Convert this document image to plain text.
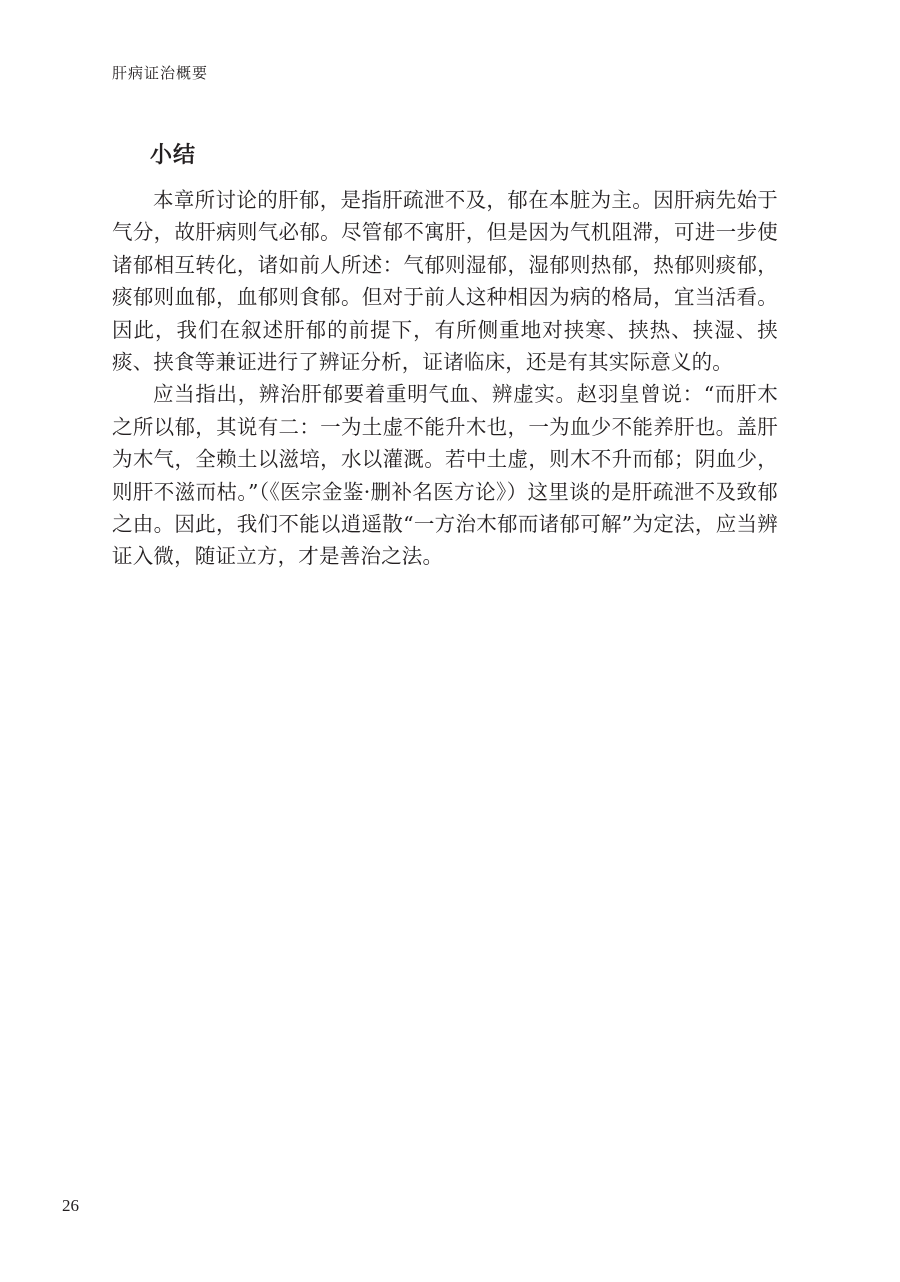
肝病证治概要
小结

本章所讨论的肝郁，是指肝疏泄不及，郁在本脏为主。因肝病先始于气分，故肝病则气必郁。尽管郁不寓肝，但是因为气机阻滞，可进一步使诸郁相互转化，诸如前人所述：气郁则湿郁，湿郁则热郁，热郁则痰郁，痰郁则血郁，血郁则食郁。但对于前人这种相因为病的格局，宜当活看。因此，我们在叙述肝郁的前提下，有所侧重地对挟寒、挟热、挟湿、挟痰、挟食等兼证进行了辨证分析，证诸临床，还是有其实际意义的。

应当指出，辨治肝郁要着重明气血、辨虚实。赵羽皇曾说：“而肝木之所以郁，其说有二：一为土虚不能升木也，一为血少不能养肝也。盖肝为木气，全赖土以滋培，水以灌溉。若中土虚，则木不升而郁；阴血少，则肝不滋而枯。”（《医宗金鉴·删补名医方论》）这里谈的是肝疏泄不及致郁之由。因此，我们不能以逍遥散“一方治木郁而诸郁可解”为定法，应当辨证入微，随证立方，才是善治之法。

26
